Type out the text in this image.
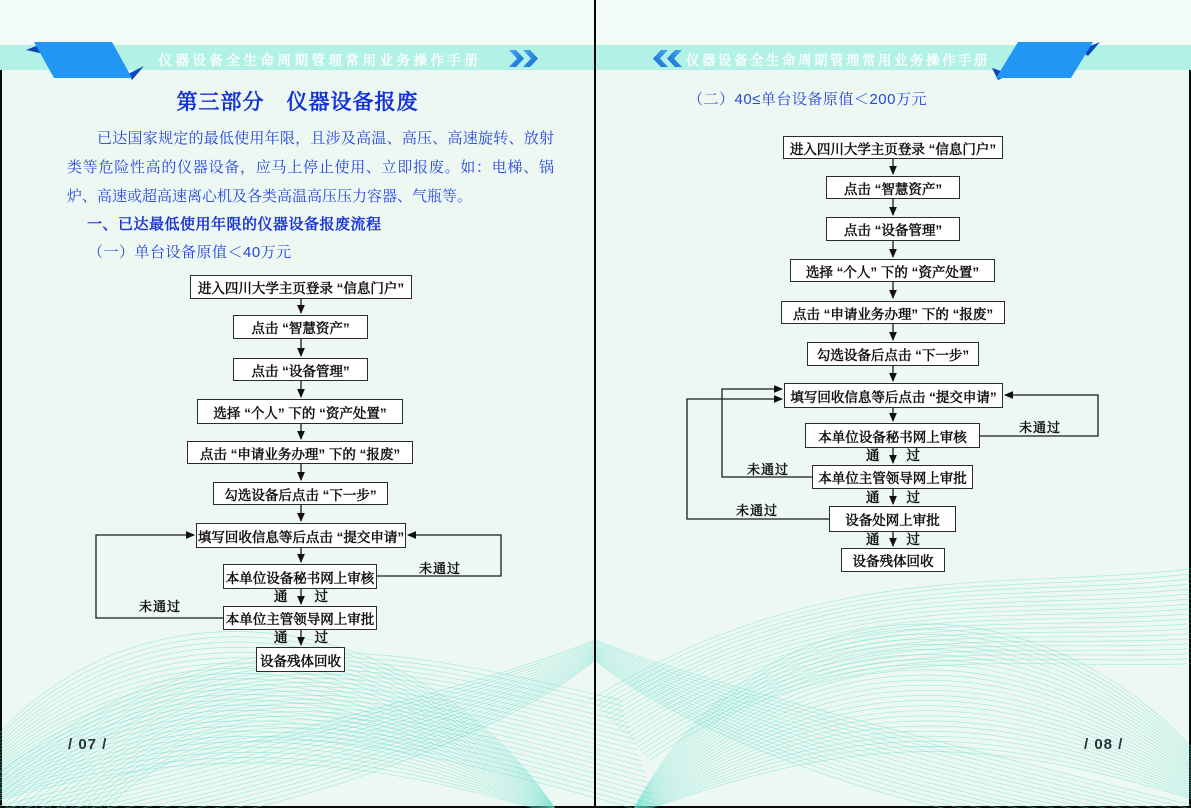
仪器设备全生命周期管理常用业务操作手册	仪器设备全生命周期管理常用业务操作手册
第三部分　仪器设备报废
已达国家规定的最低使用年限，且涉及高温、高压、高速旋转、放射类等危险性高的仪器设备，应马上停止使用、立即报废。如：电梯、锅炉、高速或超高速离心机及各类高温高压压力容器、气瓶等。
一、已达最低使用年限的仪器设备报废流程
（一）单台设备原值＜40万元
进入四川大学主页登录 “信息门户”
点击 “智慧资产”
点击 “设备管理”
选择 “个人” 下的 “资产处置”
点击 “申请业务办理” 下的 “报废”
勾选设备后点击 “下一步”
填写回收信息等后点击 “提交申请”
本单位设备秘书网上审核
本单位主管领导网上审批
设备残体回收
通 过
通 过
未通过
未通过
/ 07 /
（二）40≤单台设备原值＜200万元
进入四川大学主页登录 “信息门户”
点击 “智慧资产”
点击 “设备管理”
选择 “个人” 下的 “资产处置”
点击 “申请业务办理” 下的 “报废”
勾选设备后点击 “下一步”
填写回收信息等后点击 “提交申请”
本单位设备秘书网上审核
本单位主管领导网上审批
设备处网上审批
设备残体回收
通 过
通 过
通 过
未通过
未通过
未通过
/ 08 /
